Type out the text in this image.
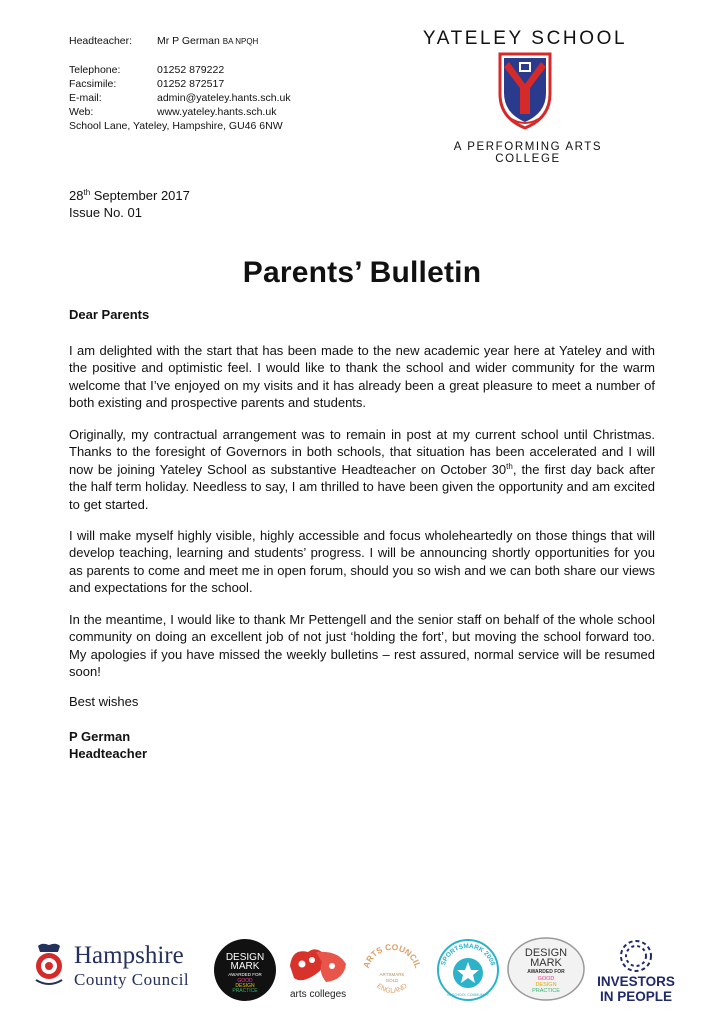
Headteacher:	Mr P German BA NPQH
Telephone:	01252 879222
Facsimile:	01252 872517
E-mail:	admin@yateley.hants.sch.uk
Web:	www.yateley.hants.sch.uk
School Lane, Yateley, Hampshire, GU46 6NW
YATELEY SCHOOL
A PERFORMING ARTS COLLEGE
28th September 2017
Issue No. 01
Parents’ Bulletin
Dear Parents
I am delighted with the start that has been made to the new academic year here at Yateley and with the positive and optimistic feel. I would like to thank the school and wider community for the warm welcome that I’ve enjoyed on my visits and it has already been a great pleasure to meet a number of both existing and prospective parents and students.
Originally, my contractual arrangement was to remain in post at my current school until Christmas. Thanks to the foresight of Governors in both schools, that situation has been accelerated and I will now be joining Yateley School as substantive Headteacher on October 30th, the first day back after the half term holiday. Needless to say, I am thrilled to have been given the opportunity and am excited to get started.
I will make myself highly visible, highly accessible and focus wholeheartedly on those things that will develop teaching, learning and students’ progress. I will be announcing shortly opportunities for you as parents to come and meet me in open forum, should you so wish and we can both share our views and expectations for the school.
In the meantime, I would like to thank Mr Pettengell and the senior staff on behalf of the whole school community on doing an excellent job of not just ‘holding the fort’, but moving the school forward too. My apologies if you have missed the weekly bulletins – rest assured, normal service will be resumed soon!
Best wishes
P German
Headteacher
Hampshire
County Council
DESIGN
MARK
AWARDED FOR
GOOD
DESIGN
PRACTICE	arts colleges
ARTS COUNCIL
ARTSMARK
GOLD
ENGLAND
SPORTSMARK 2008
IN SCHOOL COMMUNITY
DESIGN
MARK
AWARDED FOR
GOOD
DESIGN
PRACTICE
INVESTORS
IN PEOPLE
